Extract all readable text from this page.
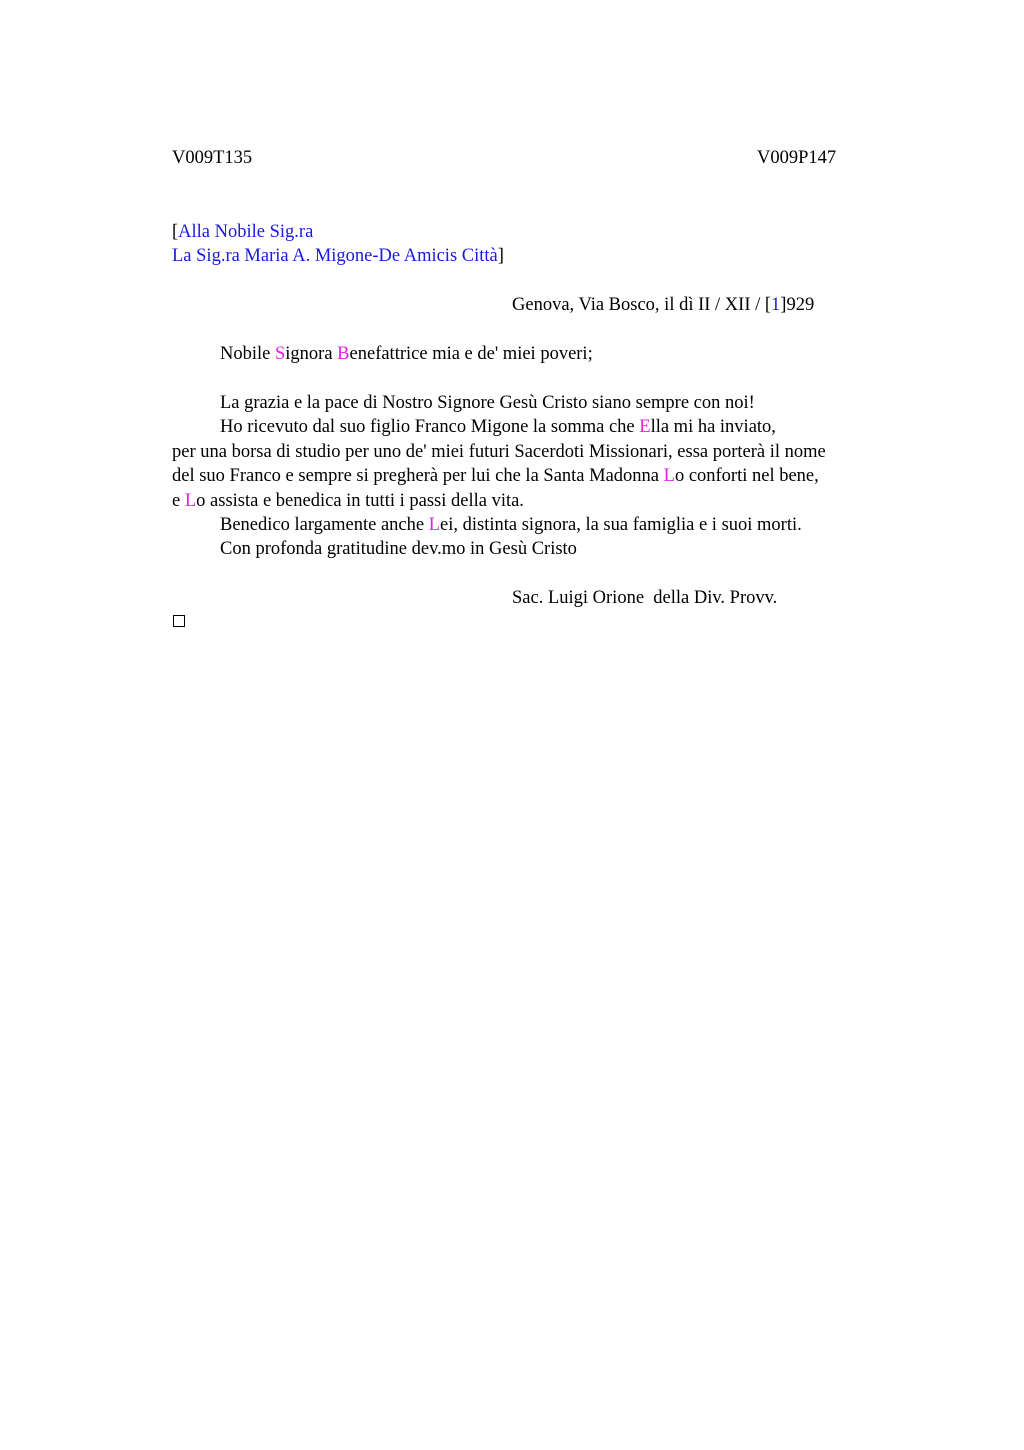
V009T135	V009P147
[Alla Nobile Sig.ra
La Sig.ra Maria A. Migone-De Amicis Città]
Genova, Via Bosco, il dì II / XII / [1]929
Nobile Signora Benefattrice mia e de' miei poveri;
La grazia e la pace di Nostro Signore Gesù Cristo siano sempre con noi!
Ho ricevuto dal suo figlio Franco Migone la somma che Ella mi ha inviato,
per una borsa di studio per uno de' miei futuri Sacerdoti Missionari, essa porterà il nome
del suo Franco e sempre si pregherà per lui che la Santa Madonna Lo conforti nel bene,
e Lo assista e benedica in tutti i passi della vita.
Benedico largamente anche Lei, distinta signora, la sua famiglia e i suoi morti.
Con profonda gratitudine dev.mo in Gesù Cristo
Sac. Luigi Orione  della Div. Provv.
